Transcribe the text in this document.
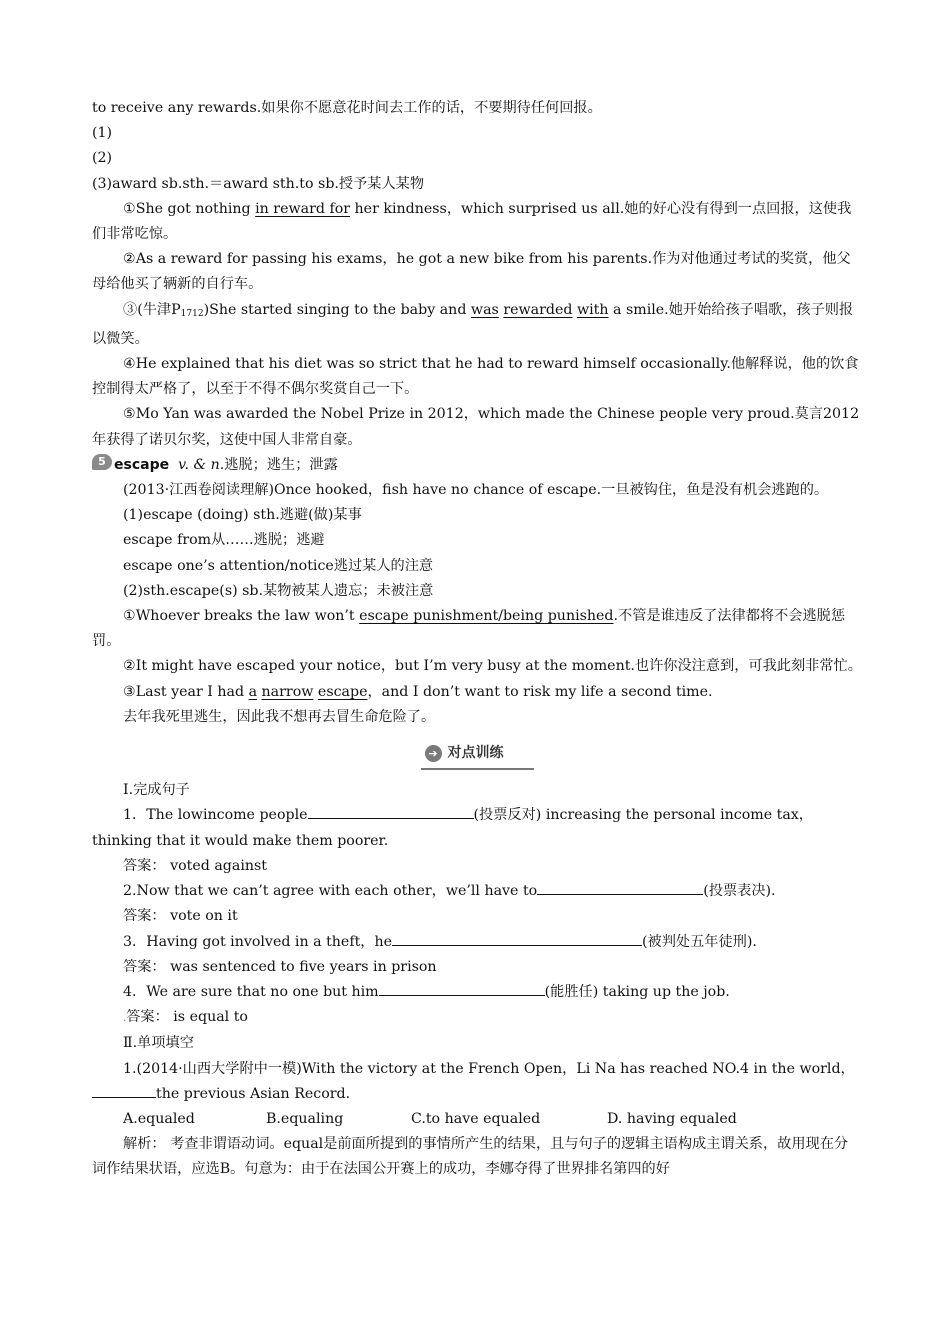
to receive any rewards.如果你不愿意花时间去工作的话，不要期待任何回报。

(1)

(2)

(3)award sb.sth.＝award sth.to sb.授予某人某物

①She got nothing in reward for her kindness，which surprised us all.她的好心没有得到一点回报，这使我们非常吃惊。

②As a reward for passing his exams，he got a new bike from his parents.作为对他通过考试的奖赏，他父母给他买了辆新的自行车。

③(牛津$P_{1712})She$ started singing to the baby and was rewarded with a smile.她开始给孩子唱歌，孩子则报以微笑。

④He explained that his diet was so strict that he had to reward himself occasionally.他解释说，他的饮食控制得太严格了，以至于不得不偶尔奖赏自己一下。

⑤Mo Yan was awarded the Nobel Prize in 2012，which made the Chinese people very proud.莫言2012年获得了诺贝尔奖，这使中国人非常自豪。

5 escape
v. & n. 逃脱；逃生；泄露

(2013·江西卷阅读理解)Once hooked，fish have no chance of escape.一旦被钩住，鱼是没有机会逃跑的。

(1)escape (doing) sth.逃避(做)某事

escape from从……逃脱；逃避

escape one’s attention/notice逃过某人的注意

(2)sth.escape(s) sb.某物被某人遗忘；未被注意

①Whoever breaks the law won’t escape punishment/being punished.不管是谁违反了法律都将不会逃脱惩罚。

②It might have escaped your notice，but I’m very busy at the moment.也许你没注意到，可我此刻非常忙。

③Last year I had a narrow escape，and I don’t want to risk my life a second time.

去年我死里逃生，因此我不想再去冒生命危险了。

➔ 对点训练

Ⅰ.完成句子

1．The lowincome people	(投票反对) increasing the personal income tax，thinking that it would make them poorer.

答案： voted against

2.Now that we can’t agree with each other，we’ll have to	(投票表决).

答案： vote on it

3．Having got involved in a theft，he	(被判处五年徒刑).

答案： was sentenced to five years in prison

4．We are sure that no one but him	(能胜任) taking up the job.

.答案： is equal to

Ⅱ.单项填空

1.(2014·山西大学附中一模)With the victory at the French Open，Li Na has reached NO.4 in the world，the previous Asian Record.

A.equaled	B.equaling	C.to have equaled	D. having equaled

解析： 考查非谓语动词。equal是前面所提到的事情所产生的结果，且与句子的逻辑主语构成主谓关系，故用现在分词作结果状语，应选B。句意为：由于在法国公开赛上的成功，李娜夺得了世界排名第四的好
